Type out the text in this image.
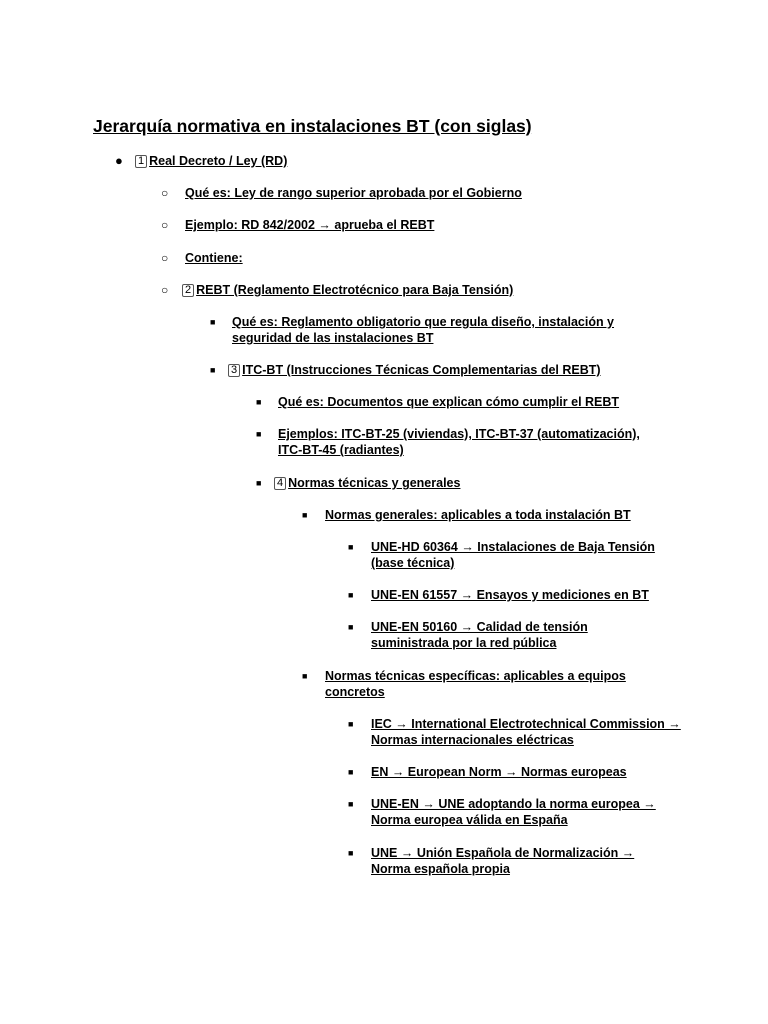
Jerarquía normativa en instalaciones BT (con siglas)
● 1 Real Decreto / Ley (RD)
○ Qué es: Ley de rango superior aprobada por el Gobierno
○ Ejemplo: RD 842/2002 → aprueba el REBT
○ Contiene:
○ 2 REBT (Reglamento Electrotécnico para Baja Tensión)
■ Qué es: Reglamento obligatorio que regula diseño, instalación y seguridad de las instalaciones BT
■ 3 ITC-BT (Instrucciones Técnicas Complementarias del REBT)
■ Qué es: Documentos que explican cómo cumplir el REBT
■ Ejemplos: ITC-BT-25 (viviendas), ITC-BT-37 (automatización), ITC-BT-45 (radiantes)
■ 4 Normas técnicas y generales
■ Normas generales: aplicables a toda instalación BT
■ UNE-HD 60364 → Instalaciones de Baja Tensión (base técnica)
■ UNE-EN 61557 → Ensayos y mediciones en BT
■ UNE-EN 50160 → Calidad de tensión suministrada por la red pública
■ Normas técnicas específicas: aplicables a equipos concretos
■ IEC → International Electrotechnical Commission → Normas internacionales eléctricas
■ EN → European Norm → Normas europeas
■ UNE-EN → UNE adoptando la norma europea → Norma europea válida en España
■ UNE → Unión Española de Normalización → Norma española propia
